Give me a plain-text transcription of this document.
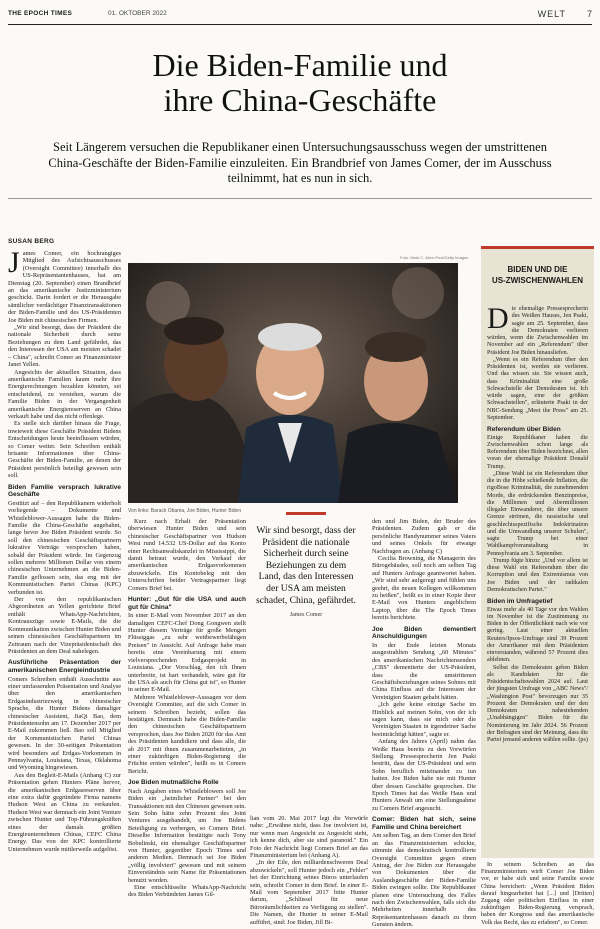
THE EPOCH TIMES	01. OKTOBER 2022	WELT 7
Die Biden-Familie und
ihre China-Geschäfte

Seit Längerem versuchen die Republikaner einen Untersuchungsausschuss wegen der umstrittenen China-Geschäfte der Biden-Familie einzuleiten. Ein Brandbrief von James Comer, der im Ausschuss teilnimmt, hat es nun in sich.

SUSAN BERG

James Comer, ein hochrangiges Mitglied des Aufsichtsausschusses (Oversight Committee) innerhalb des US-Repräsentantenhauses, hat am Dienstag (20. September) einen Brandbrief an das amerikanische Justizministerium geschickt. Darin fordert er die Herausgabe sämtlicher verdächtiger Finanztransaktionen der Biden-Familie und des US-Präsidenten Joe Biden mit chinesischen Firmen.

„Wir sind besorgt, dass der Präsident die nationale Sicherheit durch seine Beziehungen zu dem Land gefährdet, das den Interessen der USA am meisten schadet – China", schreibt Comer an Finanzminister Janet Yellen.

Angesichts der aktuellen Situation, dass amerikanische Familien kaum mehr ihre Energierechnungen bezahlen könnten, sei entscheidend, zu verstehen, warum die Familie Biden in der Vergangenheit amerikanische Energiereserven an China verkauft habe und das nicht offenlege.

Es stelle sich darüber hinaus die Frage, inwieweit diese Geschäfte Präsident Bidens Entscheidungen heute beeinflussen würden, so Comer weiter. Sein Schreiben enthält brisante Informationen über China-Geschäfte der Biden-Familie, an denen der Präsident persönlich beteiligt gewesen sein soll.

Biden Familie versprach lukrative Geschäfte

Gestützt auf – den Republikanern widerholt vorliegende – Dokumente und Whistleblower-Aussagen habe die Biden-Familie die China-Geschäfte angebahnt, lange bevor Joe Biden Präsident wurde. So soll den chinesischen Geschäftspartnern lukrative Verträge versprochen haben, sobald der Präsident würde. Im Gegenzug sollen mehrere Millionen Dollar von einem chinesischen Unternehmen an die Biden-Familie geflossen sein, das eng mit der Kommunistischen Partei Chinas (KPC) verbunden ist.

Der von den republikanischen Abgeordneten an Yellen gerichtete Brief enthält WhatsApp-Nachrichten, Kontoauszüge sowie E-Mails, die die Kommunikation zwischen Hunter Biden und seinen chinesischen Geschäftspartnern im Zeitraum nach der Vizepräsidentschaft des Präsidenten an dem Deal nahelegen.

Ausführliche Präsentation der amerikanischen Energieindustrie

Comers Schreiben enthält Ausschnitte aus einer umfassenden Präsentation und Analyse über den amerikanischen Erdgasindustriezweig in chinesischer Sprache, die Hunter Bidens damaliger chinesischer Assistent, JiaQi Bao, dem Präsidentensohn am 17. Dezember 2017 per E-Mail zukommen ließ. Bao soll Mitglied der Kommunistischen Partei Chinas gewesen. In der 30-seitigen Präsentation wird besonders auf Erdgas-Vorkommen in Pennsylvania, Louisiana, Texas, Oklahoma und Wyoming hingewiesen.

Aus den Begleit-E-Mails (Anhang C) zur Präsentation gehen Hunters Pläne hervor, die amerikanischen Erdgasreserven über eine extra dafür gegründete Firma namens Hudson West an China zu verkaufen. Hudson West war demnach ein Joint Venture zwischen Hunter und Top-Führungskräften eines der damals größten Energieunternehmen Chinas, CEFC China Energy. Das von der KPC kontrollierte Unternehmen wurde mittlerweile aufgelöst.

Foto: Mark C. Allen-Pool/Getty Images
Von links: Barack Obama, Joe Biden, Hunter Biden

Kurz nach Erhalt der Präsentation überwiesen Hunter Biden und sein chinesischer Geschäftspartner von Hudson West rund 14.532 US-Dollar auf das Konto einer Rechtsanwaltskanzlei in Mississippi, die damit betraut wurde, den Verkauf der amerikanischen Erdgasvorkommen abzuwickeln. Ein Kontobeleg mit den Unterschriften beider Vertragspartner liegt Comers Brief bei.

Hunter: „Gut für die USA und auch gut für China"

In einer E-Mail vom November 2017 an den damaligen CEFC-Chef Dong Gongwen stellt Hunter diesem Verträge für große Mengen Flüssiggas „zu sehr wettbewerbsfähigen Preisen" in Aussicht. Auf Anfrage habe man bereits eine Vereinbarung mit einem vielversprechenden Erdgasprojekt in Louisiana. „Dor Vorschlag, den ich Ihnen unterbreite, ist hart verhandelt, wäre gut für die USA als auch für China gut ist", so Hunter in seiner E-Mail.

Mehrere Whistleblower-Aussagen vor dem Oversight Commitee, auf die sich Comer in seinem Schreiben bezieht, sollen das bestätigen. Demnach habe die Biden-Familie den chinesischen Geschäftspartnern versprochen, dass Joe Biden 2020 für das Amt des Präsidenten kandidiere und dass alle, die ab 2017 mit ihnen zusammenarbeiteten, „in einer zukünftigen Biden-Regierung die Früchte ernten würden", heißt es in Comers Bericht.

Joe Biden mutmaßliche Rolle

Nach Angaben eines Whistleblowers soll Joe Biden ein „heimlicher Partner" bei den Transaktionen mit den Chinesen gewesen sein. Sein Sohn hätte zehn Prozent des Joint Ventures ausgehandelt, um Joe Bidens Beteiligung zu verbergen, so Comers Brief. Dieselbe Information bestätigte nach Tony Bobulinski, ein ehemaliger Geschäftspartner von Hunter, gegenüber Epoch Times und anderen Medien. Demnach sei Joe Biden „völlig involviert" gewesen und mit seinem Einverständnis sein Name für Präsentationen benutzt worden.

Eine entschlüsselte WhatsApp-Nachricht des Biden Verbündeten James Gil-

Wir sind besorgt, dass der Präsident die nationale Sicherheit durch seine Beziehungen zu dem Land, das den Interessen der USA am meisten schadet, China, gefährdet.
James Comer

lian vom 20. Mai 2017 legt die Vorwürfe nahe: „Erwähne nicht, dass Joe involviert ist, nur wenn man Angesicht zu Angesicht steht, ich kenne dich, aber sie sind paranoid." Ein Foto der Nachricht liegt Comers Brief an das Finanzministerium bei (Anhang A).

„In der Eile, den milliardenschweren Deal abzuwickeln", soll Hunter jedoch ein „Fehler" bei der Einrichtung seines Büros unterlaufen sein, schreibt Comer in dem Brief. In einer E-Mail vom September 2017 bitte Hunter darum, „Schlüssel für neue Büroräumlichkeiten zu Verfügung zu stellen". Die Namen, die Hunter in seiner E-Mail aufführt, sind: Joe Biden, Jill Bi-

den und Jim Biden, der Bruder des Präsidenten. Zudem gab er die persönliche Handynummer seines Vaters und seines Onkels für etwaige Nachfragen an. (Anhang C)

Cecilia Browning, die Managerin des Bürogebäudes, soll noch am selben Tag auf Hunters Anfrage geantwortet haben. „Wir sind sehr aufgeregt und fühlen uns geehrt, die neuen Kollegen willkommen zu heißen", heißt es in einer Kopie ihrer E-Mail von Hunters angeblichem Laptop, über die The Epoch Times bereits berichtete.

Joe Biden dementiert Anschuldigungen

In der Ende letzten Monats ausgestrahlten Sendung „60 Minutes" des amerikanischen Nachrichtensenders „CBS" dementierte der US-Präsident, dass die umstrittenen Geschäftsbeziehungen seines Sohnes mit China Einfluss auf die Interessen der Vereinigten Staaten gehabt hätten.

„Ich gehe keine einzige Sache im Hinblick auf meinen Sohn, von der ich sagen kann, dass sie mich oder die Vereinigten Staaten in irgendeiner Sache beeinträchtigt hätten", sagte er.

Anfang des Jahres (April) nahm das Weiße Haus bereits zu den Vorwürfen Stellung. Pressesprecherin Jen Psaki bestritt, dass der US-Präsident und sein Sohn beruflich miteinander zu tun hatten. Joe Biden habe nie mit Hunter über dessen Geschäfte gesprochen. Die Epoch Times hat das Weiße Haus und Hunters Anwalt um eine Stellungnahme zu Comers Brief angesucht.

Comer: Biden hat sich, seine Familie und China bereichert

Am selben Tag, an dem Comer den Brief an das Finanzministerium schickte, stimmte das demokratisch kontrollierte Oversight Committee gegen einen Antrag, der Joe Biden zur Herausgabe von Dokumenten über die Auslandsgeschäfte der Biden-Familie Biden zwingen sollte. Die Republikaner planen eine Untersuchung des Falles nach den Zwischenwahlen, falls sich die Mehrheiten innerhalb des Repräsentantenhauses danach zu ihren Gunsten ändern.

BIDEN UND DIE
US-ZWISCHENWAHLEN

Die ehemalige Pressesprecherin des Weißen Hauses, Jen Psaki, sagte am 25. September, dass die Demokraten verlieren würden, wenn die Zwischenwahlen im November auf ein „Referendum" über Präsident Joe Biden hinausliefen.

„Wenn es ein Referendum über den Präsidenten ist, werden sie verlieren. Und das wissen sie. Sie wissen auch, dass Kriminalität eine große Schwachstelle der Demokraten ist. Ich würde sagen, eine der größten Schwachstellen", erläuterte Psaki in der NBC-Sendung „Meet the Press" am 25. September.

Referendum über Biden

Einige Republikaner haben die Zwischenwahlen schon lange als Referendum über Biden bezeichnet, allen voran der ehemalige Präsident Donald Trump.

„Diese Wahl ist ein Referendum über die in die Höhe schießende Inflation, die rigoBose Kriminalität, die zunehmenden Morde, die erdrückenden Benzinpreise, die Millionen und Abermillionen illegaler Einwanderer, die über unsere Grenze strömen, die rassistische und geschlechtsspezifische Indoktrination und die Umwandlung unserer Schulen", sagte Trump bei einer Wahlkampfveranstaltung in Pennsylvania am 3. September.

Trump fügte hinzu: „Und vor allem ist diese Wahl ein Referendum über die Korruption und den Extremismus von Joe Biden und der radikalen Demokratischen Partei."

Biden im Umfragetief

Etwas mehr als 40 Tage vor den Wahlen im November ist die Zustimmung zu Biden in der Öffentlichkeit nach wie vor gering. Laut einer aktuellen Reuters/Ipsos-Umfrage sind 39 Prozent der Amerikaner mit dem Präsidenten einverstanden, während 57 Prozent dies ablehnen.

Selbst die Demokraten geben Biden als Kandidaten für die Präsidentschaftswahlen 2024 auf. Laut der jüngsten Umfrage von „ABC News"/„Washington Post" bevorzugen nur 35 Prozent der Demokraten und der den Demokraten nahestehenden „Unabhängigen" Biden für die Nominierung im Jahr 2024. 56 Prozent der Befragten sind der Meinung, dass die Partei jemand anderen wählen sollte. (ps)

In seinem Schreiben an das Finanzministerium wirft Comer Joe Biden vor, er habe sich und seine Familie sowie China bereichert: „Wenn Präsident Biden darauf hingearbeitet hat [...] und [Dritten] Zugang oder politischen Einfluss in einer zukünftigen Biden-Regierung versprach, haben der Kongress und das amerikanische Volk das Recht, das zu erfahren", so Comer.
